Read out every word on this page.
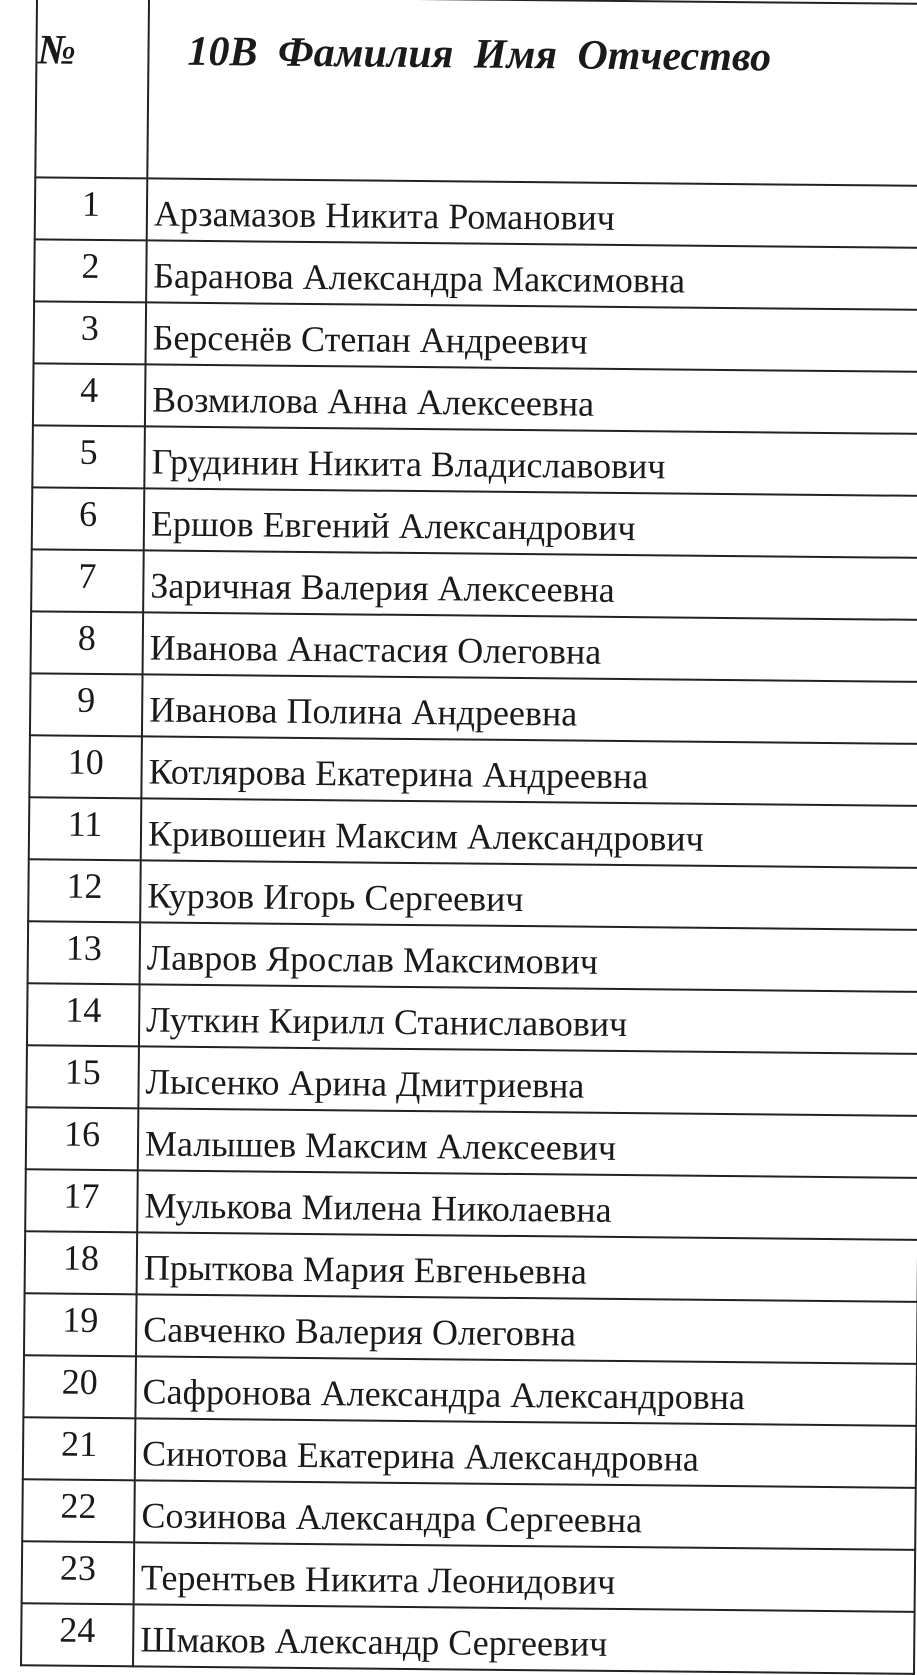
№	10В Фамилия Имя Отчество
1	Арзамазов Никита Романович
2	Баранова Александра Максимовна
3	Берсенёв Степан Андреевич
4	Возмилова Анна Алексеевна
5	Грудинин Никита Владиславович
6	Ершов Евгений Александрович
7	Заричная Валерия Алексеевна
8	Иванова Анастасия Олеговна
9	Иванова Полина Андреевна
10	Котлярова Екатерина Андреевна
11	Кривошеин Максим Александрович
12	Курзов Игорь Сергеевич
13	Лавров Ярослав Максимович
14	Луткин Кирилл Станиславович
15	Лысенко Арина Дмитриевна
16	Малышев Максим Алексеевич
17	Мулькова Милена Николаевна
18	Прыткова Мария Евгеньевна
19	Савченко Валерия Олеговна
20	Сафронова Александра Александровна
21	Синотова Екатерина Александровна
22	Созинова Александра Сергеевна
23	Терентьев Никита Леонидович
24	Шмаков Александр Сергеевич
